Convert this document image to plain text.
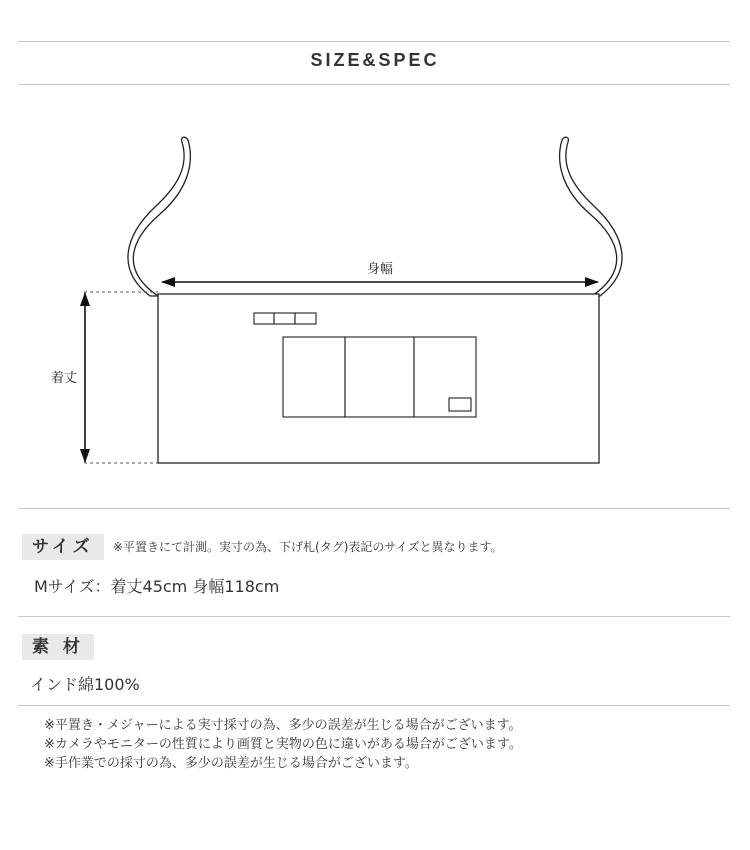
SIZE&SPEC
身幅
着丈
サイズ	※平置きにて計測。実寸の為、下げ札(タグ)表記のサイズと異なります。
Mサイズ：着丈45cm 身幅118cm
素 材
インド綿100%
※平置き・メジャーによる実寸採寸の為、多少の誤差が生じる場合がございます。
※カメラやモニターの性質により画質と実物の色に違いがある場合がございます。
※手作業での採寸の為、多少の誤差が生じる場合がございます。
